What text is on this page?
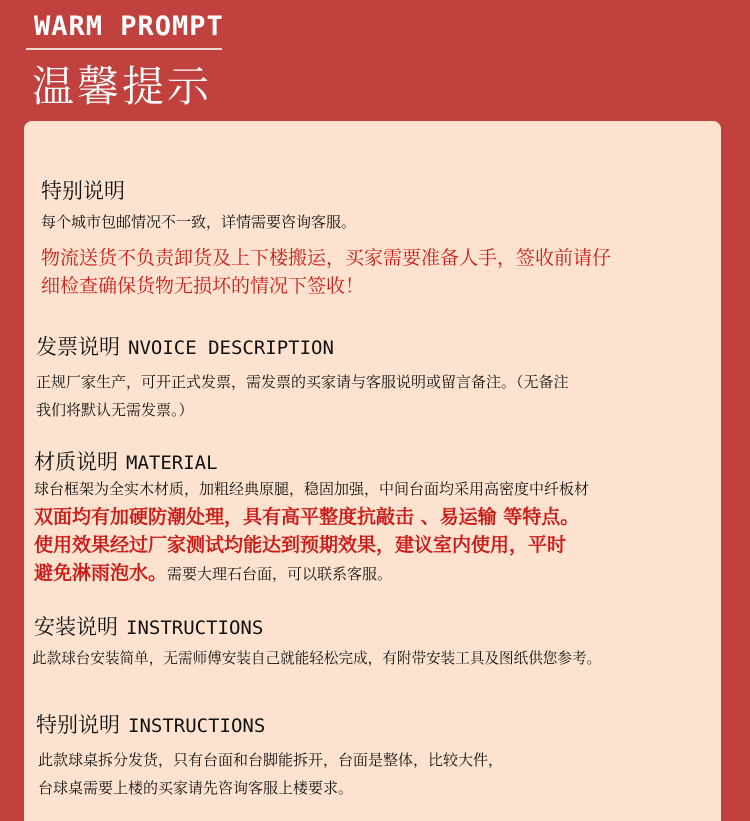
WARM PROMPT
温馨提示
特别说明
每个城市包邮情况不一致，详情需要咨询客服。
物流送货不负责卸货及上下楼搬运，买家需要准备人手，签收前请仔
细检查确保货物无损坏的情况下签收！
发票说明 NVOICE DESCRIPTION
正规厂家生产，可开正式发票，需发票的买家请与客服说明或留言备注。（无备注
我们将默认无需发票。）
材质说明 MATERIAL
球台框架为全实木材质，加粗经典原腿，稳固加强，中间台面均采用高密度中纤板材
双面均有加硬防潮处理，具有高平整度抗敲击 、易运输 等特点。
使用效果经过厂家测试均能达到预期效果，建议室内使用，平时
避免淋雨泡水。需要大理石台面，可以联系客服。
安装说明 INSTRUCTIONS
此款球台安装简单，无需师傅安装自己就能轻松完成，有附带安装工具及图纸供您参考。
特别说明 INSTRUCTIONS
此款球桌拆分发货，只有台面和台脚能拆开，台面是整体，比较大件，
台球桌需要上楼的买家请先咨询客服上楼要求。
